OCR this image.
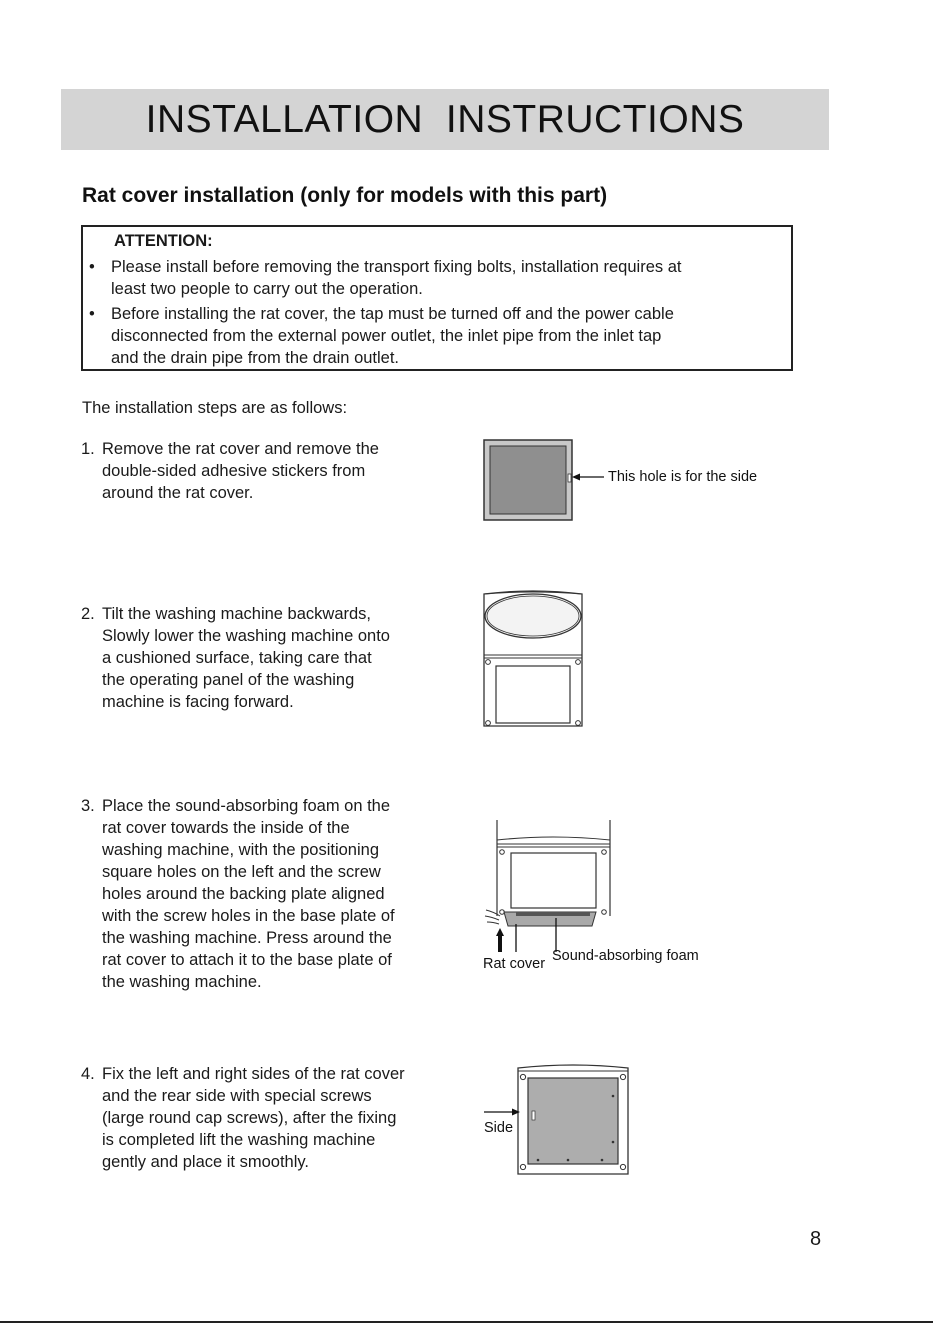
INSTALLATION  INSTRUCTIONS
Rat cover installation (only for models with this part)
ATTENTION:
• Please install before removing the transport fixing bolts, installation requires at
least two people to carry out the operation.
• Before installing the rat cover, the tap must be turned off and the power cable
disconnected from the external power outlet, the inlet pipe from the inlet tap
and the drain pipe from the drain outlet.
The installation steps are as follows:
1. Remove the rat cover and remove the
double-sided adhesive stickers from
around the rat cover.
This hole is for the side
2. Tilt the washing machine backwards,
Slowly lower the washing machine onto
a cushioned surface, taking care that
the operating panel of the washing
machine is facing forward.
3. Place the sound-absorbing foam on the
rat cover towards the inside of the
washing machine, with the positioning
square holes on the left and the screw
holes around the backing plate aligned
with the screw holes in the base plate of
the washing machine. Press around the
rat cover to attach it to the base plate of
the washing machine.
Rat cover Sound-absorbing foam
4. Fix the left and right sides of the rat cover
and the rear side with special screws
(large round cap screws), after the fixing
is completed lift the washing machine
gently and place it smoothly.
Side
8
